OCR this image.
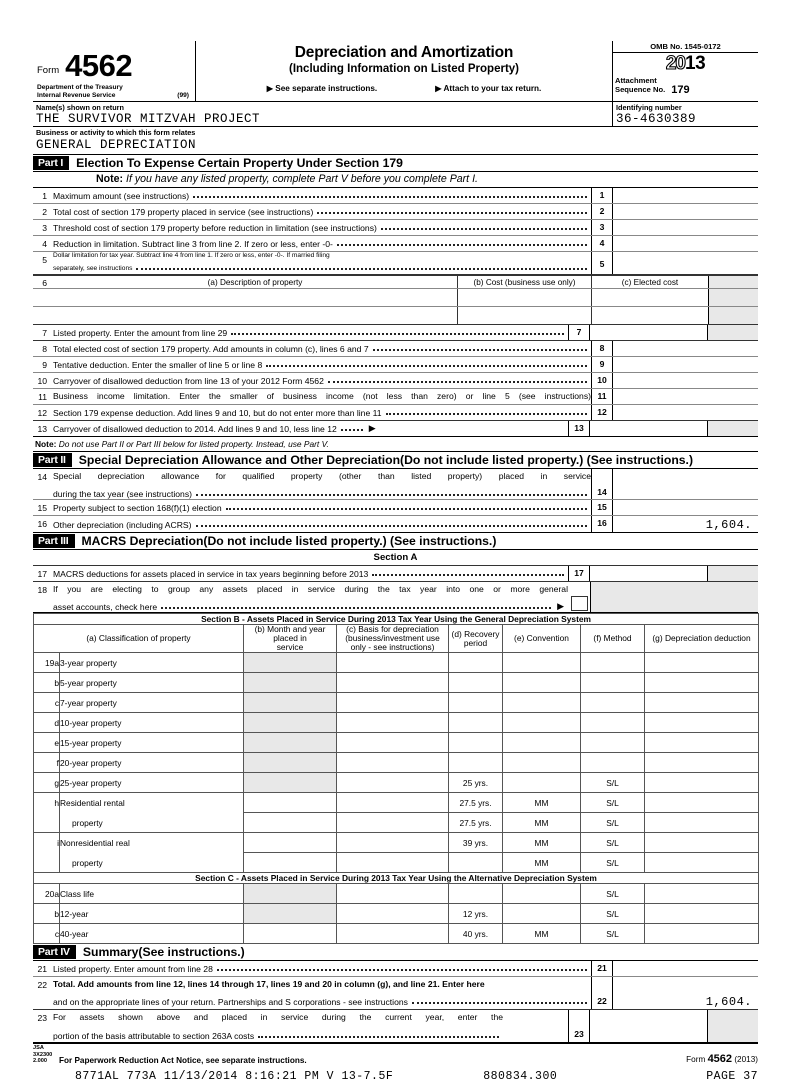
Form 4562
Department of the Treasury
Internal Revenue Service	(99)
Depreciation and Amortization
(Including Information on Listed Property)
▶ See separate instructions.	▶ Attach to your tax return.
OMB No. 1545-0172
2013
Attachment
Sequence No. 179
Name(s) shown on return
THE SURVIVOR MITZVAH PROJECT
Identifying number
36-4630389
Business or activity to which this form relates
GENERAL DEPRECIATION
Part I	Election To Expense Certain Property Under Section 179
Note: If you have any listed property, complete Part V before you complete Part I.
1 Maximum amount (see instructions)	1
2 Total cost of section 179 property placed in service (see instructions)	2
3 Threshold cost of section 179 property before reduction in limitation (see instructions)	3
4 Reduction in limitation. Subtract line 3 from line 2. If zero or less, enter -0-	4
5 Dollar limitation for tax year. Subtract line 4 from line 1. If zero or less, enter -0-. If married filing
separately, see instructions	5
6	(a) Description of property	(b) Cost (business use only)	(c) Elected cost
7 Listed property. Enter the amount from line 29	7
8 Total elected cost of section 179 property. Add amounts in column (c), lines 6 and 7	8
9 Tentative deduction. Enter the smaller of line 5 or line 8	9
10 Carryover of disallowed deduction from line 13 of your 2012 Form 4562	10
11 Business income limitation. Enter the smaller of business income (not less than zero) or line 5 (see instructions) 11
12 Section 179 expense deduction. Add lines 9 and 10, but do not enter more than line 11	12
13 Carryover of disallowed deduction to 2014. Add lines 9 and 10, less line 12	▶	13
Note: Do not use Part II or Part III below for listed property. Instead, use Part V.
Part II	Special Depreciation Allowance and Other Depreciation (Do not include listed property.) (See instructions.)
14 Special depreciation allowance for qualified property (other than listed property) placed in service
during the tax year (see instructions)	14
15 Property subject to section 168(f)(1) election	15
16 Other depreciation (including ACRS)	16	1,604.
Part III	MACRS Depreciation (Do not include listed property.) (See instructions.)
Section A
17 MACRS deductions for assets placed in service in tax years beginning before 2013	17
18 If you are electing to group any assets placed in service during the tax year into one or more general
asset accounts, check here	▶
Section B - Assets Placed in Service During 2013 Tax Year Using the General Depreciation System							
(a) Classification of property		(b) Month and year
placed in
service	(c) Basis for depreciation
(business/investment use
only - see instructions)	(d) Recovery
period	(e) Convention	(f) Method	(g) Depreciation deduction
19a	3-year property						
b	5-year property						
c	7-year property						
d	10-year property						
e	15-year property						
f	20-year property						
g	25-year property			25 yrs.		S/L	
h	Residential rental			27.5 yrs.	MM	S/L	
	property			27.5 yrs.	MM	S/L	
i	Nonresidential real			39 yrs.	MM	S/L	
	property				MM	S/L	
Section C - Assets Placed in Service During 2013 Tax Year Using the Alternative Depreciation System							
20a	Class life					S/L	
b	12-year			12 yrs.		S/L	
c	40-year			40 yrs.	MM	S/L	
Part IV	Summary (See instructions.)
21 Listed property. Enter amount from line 28	21
22 Total. Add amounts from line 12, lines 14 through 17, lines 19 and 20 in column (g), and line 21. Enter here
and on the appropriate lines of your return. Partnerships and S corporations - see instructions	22	1,604.
23 For assets shown above and placed in service during the current year, enter the
portion of the basis attributable to section 263A costs	23
JSA
3X2300 2.000	For Paperwork Reduction Act Notice, see separate instructions.	Form 4562 (2013)
8771AL 773A 11/13/2014 8:16:21 PM V 13-7.5F	880834.300	PAGE 37
